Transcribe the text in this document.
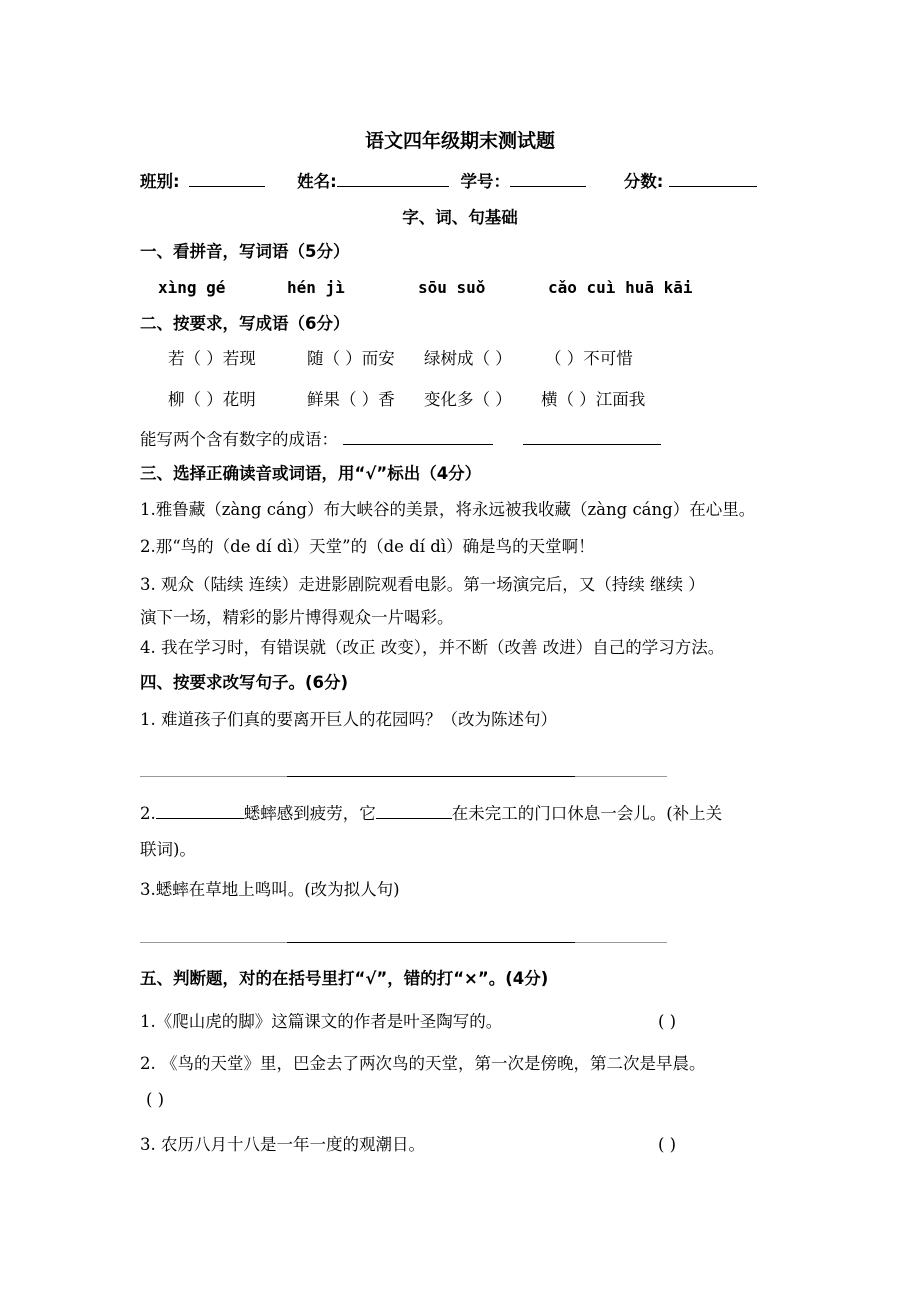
语文四年级期末测试题
班别:	姓名:	学号：	分数:
字、词、句基础
一、看拼音，写词语（5分）
xìng gé	hén jì	sōu suǒ	cǎo cuì huā kāi
二、按要求，写成语（6分）
若（ ）若现	随（ ）而安 绿树成（ ） （ ）不可惜
柳（ ）花明	鲜果（ ）香 变化多（ ） 横（ ）江面我
能写两个含有数字的成语：
三、选择正确读音或词语，用“√”标出（4分）
1.雅鲁藏（zàng cáng）布大峡谷的美景，将永远被我收藏（zàng cáng）在心里。
2.那“鸟的（de dí dì）天堂”的（de dí dì）确是鸟的天堂啊！
3. 观众（陆续 连续）走进影剧院观看电影。第一场演完后，又（持续 继续 ）
演下一场，精彩的影片博得观众一片喝彩。
4. 我在学习时，有错误就（改正 改变），并不断（改善 改进）自己的学习方法。
四、按要求改写句子。(6分)
1. 难道孩子们真的要离开巨人的花园吗？（改为陈述句）
2.	蟋蟀感到疲劳，它	在未完工的门口休息一会儿。(补上关
联词)。
3.蟋蟀在草地上鸣叫。(改为拟人句)
五、判断题，对的在括号里打“√”，错的打“×”。(4分)
1.《爬山虎的脚》这篇课文的作者是叶圣陶写的。	( )
2. 《鸟的天堂》里，巴金去了两次鸟的天堂，第一次是傍晚，第二次是早晨。
( )
3. 农历八月十八是一年一度的观潮日。	( )
